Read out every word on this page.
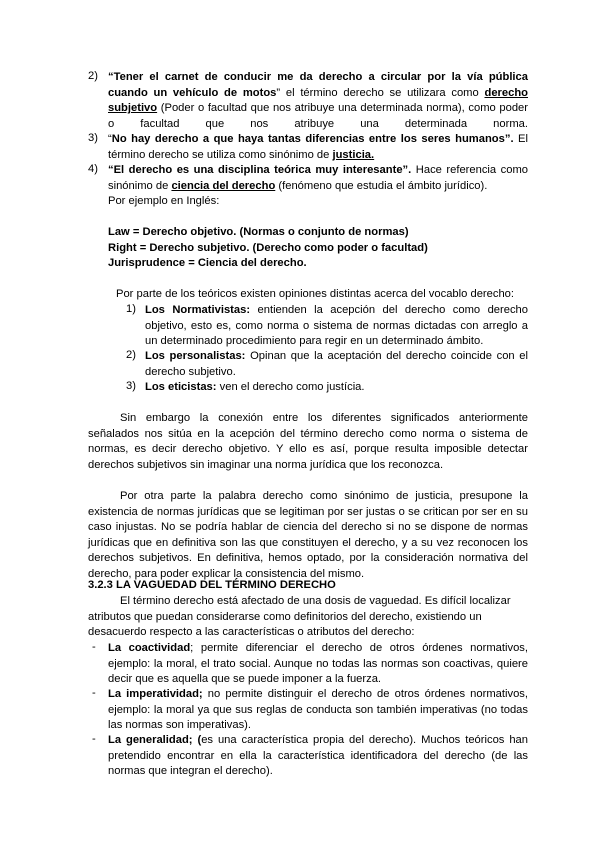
2) “Tener el carnet de conducir me da derecho a circular por la vía pública cuando un vehículo de motos” el término derecho se utilizara como derecho subjetivo (Poder o facultad que nos atribuye una determinada norma), como poder o facultad que nos atribuye una determinada norma.
3) “No hay derecho a que haya tantas diferencias entre los seres humanos”. El término derecho se utiliza como sinónimo de justicia.
4) “El derecho es una disciplina teórica muy interesante”. Hace referencia como sinónimo de ciencia del derecho (fenómeno que estudia el ámbito jurídico).
Por ejemplo en Inglés:
Law = Derecho objetivo. (Normas o conjunto de normas)
Right = Derecho subjetivo. (Derecho como poder o facultad)
Jurisprudence = Ciencia del derecho.
Por parte de los teóricos existen opiniones distintas acerca del vocablo derecho:
1) Los Normativistas: entienden la acepción del derecho como derecho objetivo, esto es, como norma o sistema de normas dictadas con arreglo a un determinado procedimiento para regir en un determinado ámbito.
2) Los personalistas: Opinan que la aceptación del derecho coincide con el derecho subjetivo.
3) Los eticistas: ven el derecho como justícia.
Sin embargo la conexión entre los diferentes significados anteriormente señalados nos sitúa en la acepción del término derecho como norma o sistema de normas, es decir derecho objetivo. Y ello es así, porque resulta imposible detectar derechos subjetivos sin imaginar una norma jurídica que los reconozca.
Por otra parte la palabra derecho como sinónimo de justicia, presupone la existencia de normas jurídicas que se legitiman por ser justas o se critican por ser en su caso injustas. No se podría hablar de ciencia del derecho si no se dispone de normas jurídicas que en definitiva son las que constituyen el derecho, y a su vez reconocen los derechos subjetivos. En definitiva, hemos optado, por la consideración normativa del derecho, para poder explicar la consistencia del mismo.
3.2.3 LA VAGUEDAD DEL TÉRMINO DERECHO
El término derecho está afectado de una dosis de vaguedad. Es difícil localizar atributos que puedan considerarse como definitorios del derecho, existiendo un desacuerdo respecto a las características o atributos del derecho:
- La coactividad; permite diferenciar el derecho de otros órdenes normativos, ejemplo: la moral, el trato social. Aunque no todas las normas son coactivas, quiere decir que es aquella que se puede imponer a la fuerza.
- La imperatividad; no permite distinguir el derecho de otros órdenes normativos, ejemplo: la moral ya que sus reglas de conducta son también imperativas (no todas las normas son imperativas).
- La generalidad; (es una característica propia del derecho). Muchos teóricos han pretendido encontrar en ella la característica identificadora del derecho (de las normas que integran el derecho).
